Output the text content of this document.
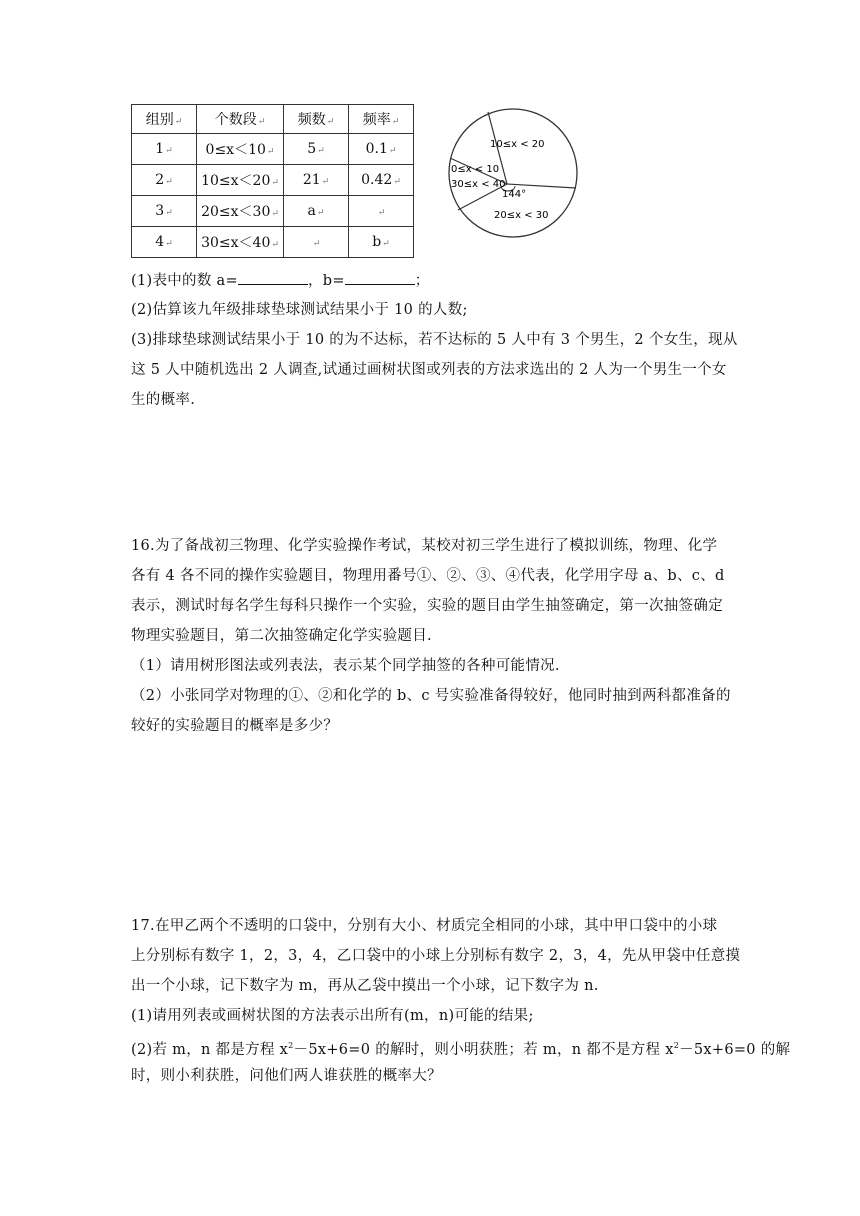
组别↵	个数段↵	频数↵	频率↵
1↵	0≤x＜10↵	5↵	0.1↵
2↵	10≤x＜20↵	21↵	0.42↵
3↵	20≤x＜30↵	a↵	↵
4↵	30≤x＜40↵	↵	b↵
10≤x < 20
0≤x < 10
30≤x < 40
144°
20≤x < 30
(1)表中的数 a=	，b=	；
(2)估算该九年级排球垫球测试结果小于 10 的人数;
(3)排球垫球测试结果小于 10 的为不达标，若不达标的 5 人中有 3 个男生，2 个女生，现从
这 5 人中随机选出 2 人调查,试通过画树状图或列表的方法求选出的 2 人为一个男生一个女
生的概率.
16.为了备战初三物理、化学实验操作考试，某校对初三学生进行了模拟训练，物理、化学
各有 4 各不同的操作实验题目，物理用番号①、②、③、④代表，化学用字母 a、b、c、d
表示，测试时每名学生每科只操作一个实验，实验的题目由学生抽签确定，第一次抽签确定
物理实验题目，第二次抽签确定化学实验题目.
（1）请用树形图法或列表法，表示某个同学抽签的各种可能情况.
（2）小张同学对物理的①、②和化学的 b、c 号实验准备得较好，他同时抽到两科都准备的
较好的实验题目的概率是多少？
17.在甲乙两个不透明的口袋中，分别有大小、材质完全相同的小球，其中甲口袋中的小球
上分别标有数字 1，2，3，4，乙口袋中的小球上分别标有数字 2，3，4，先从甲袋中任意摸
出一个小球，记下数字为 m，再从乙袋中摸出一个小球，记下数字为 n.
(1)请用列表或画树状图的方法表示出所有(m，n)可能的结果;
(2)若 m，n 都是方程 $x^2-5x+6=0$ 的解时，则小明获胜；若 m，n 都不是方程 $x^2-5x+6=0$ 的解
时，则小利获胜，问他们两人谁获胜的概率大？
